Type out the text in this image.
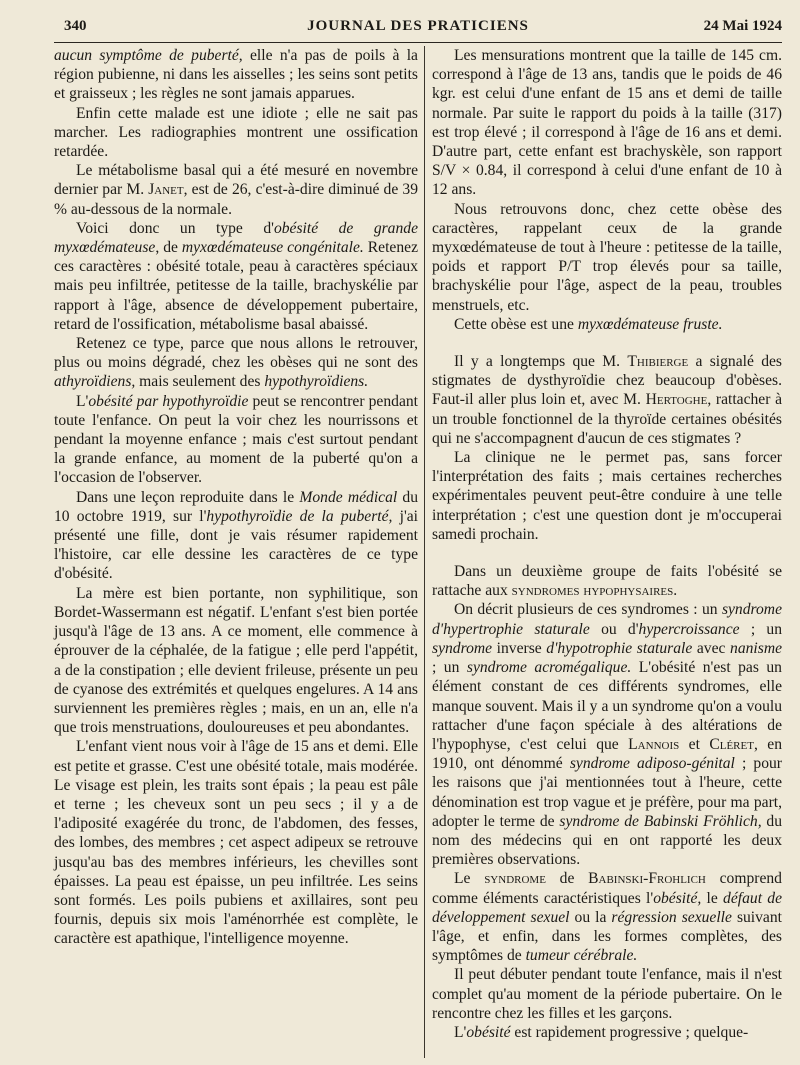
340	JOURNAL DES PRATICIENS	24 Mai 1924

aucun symptôme de puberté, elle n'a pas de poils à la région pubienne, ni dans les aisselles ; les seins sont petits et graisseux ; les règles ne sont jamais apparues.

Enfin cette malade est une idiote ; elle ne sait pas marcher. Les radiographies montrent une ossification retardée.

Le métabolisme basal qui a été mesuré en novembre dernier par M. Janet, est de 26, c'est-à-dire diminué de 39 % au-dessous de la normale.

Voici donc un type d'obésité de grande myxœdémateuse, de myxœdémateuse congénitale. Retenez ces caractères : obésité totale, peau à caractères spéciaux mais peu infiltrée, petitesse de la taille, brachyskélie par rapport à l'âge, absence de développement pubertaire, retard de l'ossification, métabolisme basal abaissé.

Retenez ce type, parce que nous allons le retrouver, plus ou moins dégradé, chez les obèses qui ne sont des athyroïdiens, mais seulement des hypothyroïdiens.

L'obésité par hypothyroïdie peut se rencontrer pendant toute l'enfance. On peut la voir chez les nourrissons et pendant la moyenne enfance ; mais c'est surtout pendant la grande enfance, au moment de la puberté qu'on a l'occasion de l'observer.

Dans une leçon reproduite dans le Monde médical du 10 octobre 1919, sur l'hypothyroïdie de la puberté, j'ai présenté une fille, dont je vais résumer rapidement l'histoire, car elle dessine les caractères de ce type d'obésité.

La mère est bien portante, non syphilitique, son Bordet-Wassermann est négatif. L'enfant s'est bien portée jusqu'à l'âge de 13 ans. A ce moment, elle commence à éprouver de la céphalée, de la fatigue ; elle perd l'appétit, a de la constipation ; elle devient frileuse, présente un peu de cyanose des extrémités et quelques engelures. A 14 ans surviennent les premières règles ; mais, en un an, elle n'a que trois menstruations, douloureuses et peu abondantes.

L'enfant vient nous voir à l'âge de 15 ans et demi. Elle est petite et grasse. C'est une obésité totale, mais modérée. Le visage est plein, les traits sont épais ; la peau est pâle et terne ; les cheveux sont un peu secs ; il y a de l'adiposité exagérée du tronc, de l'abdomen, des fesses, des lombes, des membres ; cet aspect adipeux se retrouve jusqu'au bas des membres inférieurs, les chevilles sont épaisses. La peau est épaisse, un peu infiltrée. Les seins sont formés. Les poils pubiens et axillaires, sont peu fournis, depuis six mois l'aménorrhée est complète, le caractère est apathique, l'intelligence moyenne.

Les mensurations montrent que la taille de 145 cm. correspond à l'âge de 13 ans, tandis que le poids de 46 kgr. est celui d'une enfant de 15 ans et demi de taille normale. Par suite le rapport du poids à la taille (317) est trop élevé ; il correspond à l'âge de 16 ans et demi. D'autre part, cette enfant est brachyskèle, son rapport S/V × 0.84, il correspond à celui d'une enfant de 10 à 12 ans.

Nous retrouvons donc, chez cette obèse des caractères, rappelant ceux de la grande myxœdémateuse de tout à l'heure : petitesse de la taille, poids et rapport P/T trop élevés pour sa taille, brachyskélie pour l'âge, aspect de la peau, troubles menstruels, etc.

Cette obèse est une myxœdémateuse fruste.

Il y a longtemps que M. Thibierge a signalé des stigmates de dysthyroïdie chez beaucoup d'obèses. Faut-il aller plus loin et, avec M. Hertoghe, rattacher à un trouble fonctionnel de la thyroïde certaines obésités qui ne s'accompagnent d'aucun de ces stigmates ?

La clinique ne le permet pas, sans forcer l'interprétation des faits ; mais certaines recherches expérimentales peuvent peut-être conduire à une telle interprétation ; c'est une question dont je m'occuperai samedi prochain.

Dans un deuxième groupe de faits l'obésité se rattache aux syndromes hypophysaires.

On décrit plusieurs de ces syndromes : un syndrome d'hypertrophie staturale ou d'hypercroissance ; un syndrome inverse d'hypotrophie staturale avec nanisme ; un syndrome acromégalique. L'obésité n'est pas un élément constant de ces différents syndromes, elle manque souvent. Mais il y a un syndrome qu'on a voulu rattacher d'une façon spéciale à des altérations de l'hypophyse, c'est celui que Lannois et Cléret, en 1910, ont dénommé syndrome adiposo-génital ; pour les raisons que j'ai mentionnées tout à l'heure, cette dénomination est trop vague et je préfère, pour ma part, adopter le terme de syndrome de Babinski Fröhlich, du nom des médecins qui en ont rapporté les deux premières observations.

Le syndrome de Babinski-Frohlich comprend comme éléments caractéristiques l'obésité, le défaut de développement sexuel ou la régression sexuelle suivant l'âge, et enfin, dans les formes complètes, des symptômes de tumeur cérébrale.

Il peut débuter pendant toute l'enfance, mais il n'est complet qu'au moment de la période pubertaire. On le rencontre chez les filles et les garçons.

L'obésité est rapidement progressive ; quelque-
